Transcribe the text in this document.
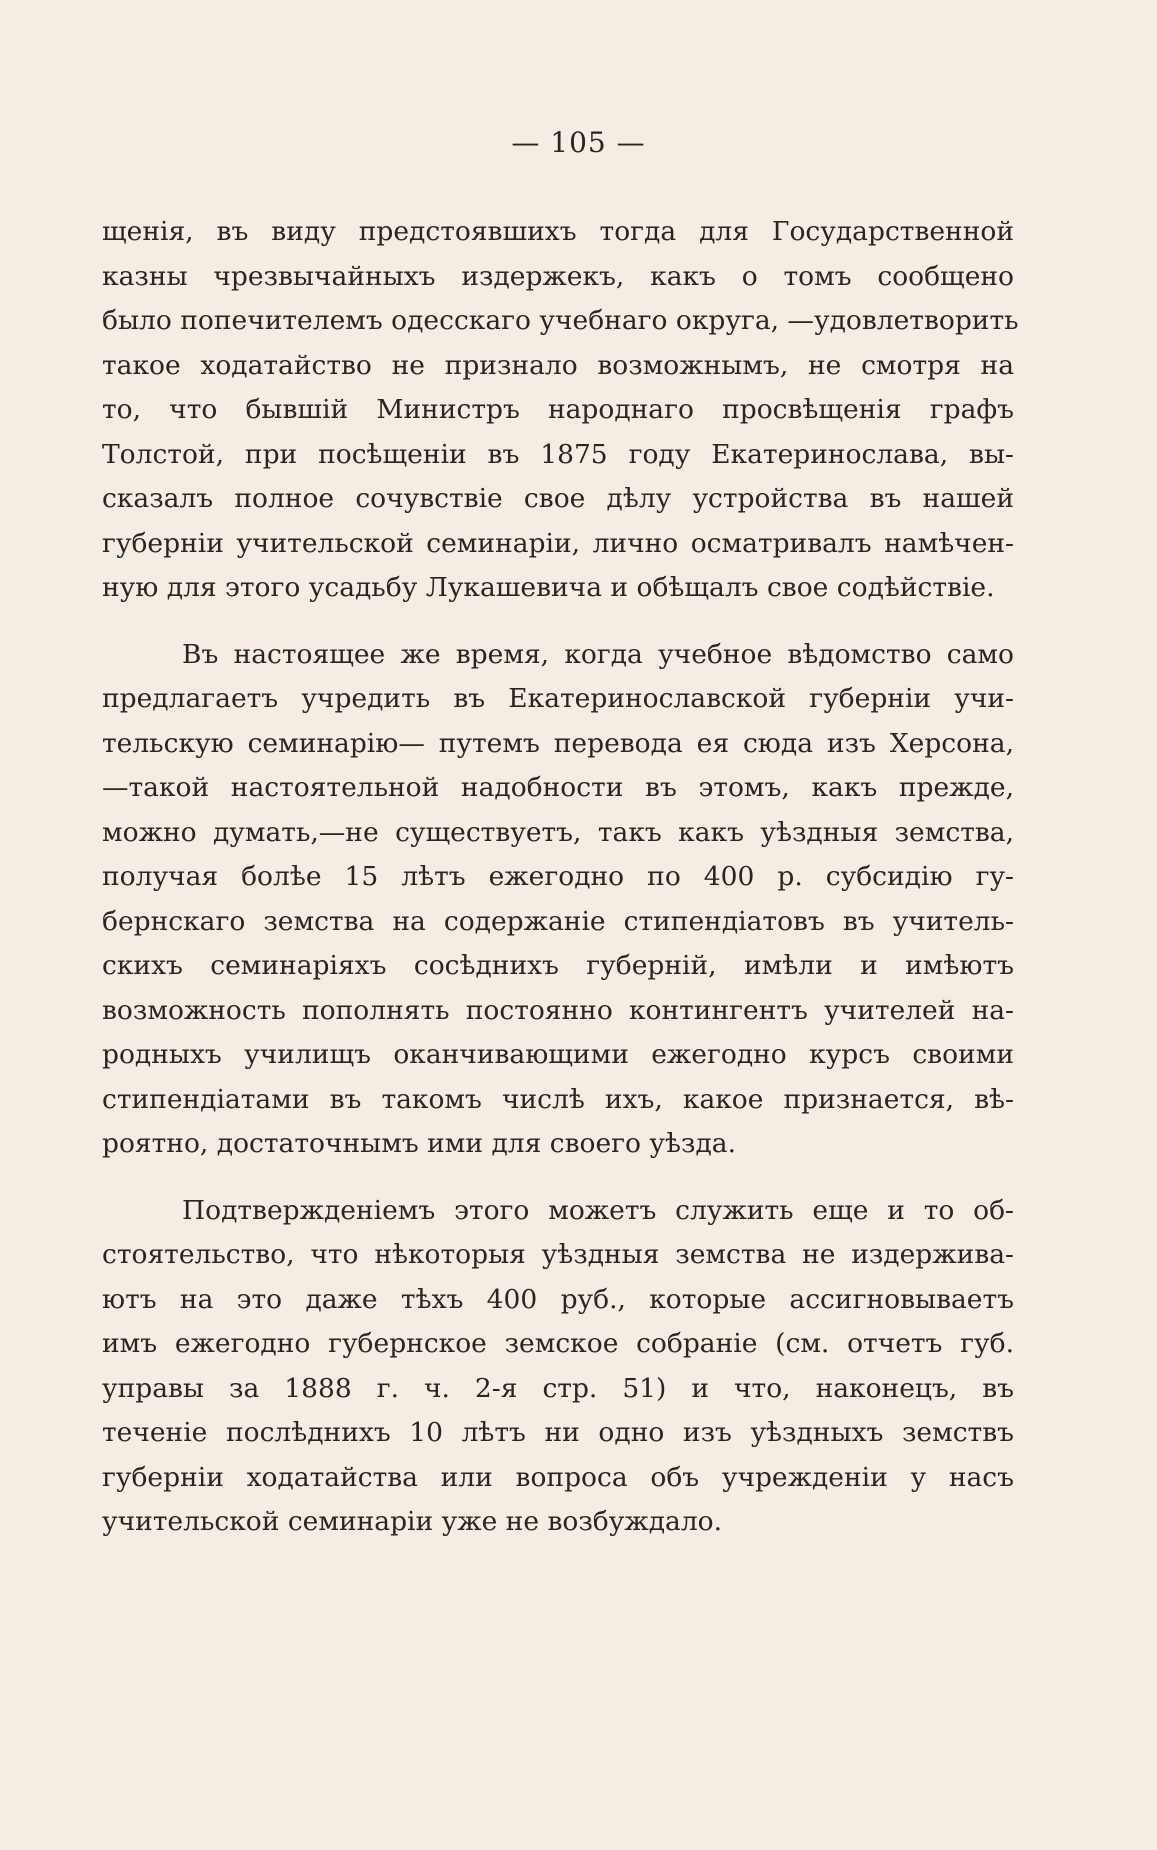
— 105 —

щенія, въ виду предстоявшихъ тогда для Государственной
казны чрезвычайныхъ издержекъ, какъ о томъ сообщено
было попечителемъ одесскаго учебнаго округа, —удовлетворить
такое ходатайство не признало возможнымъ, не смотря на
то, что бывшій Министръ народнаго просвѣщенія графъ
Толстой, при посѣщеніи въ 1875 году Екатеринослава, вы-
сказалъ полное сочувствіе свое дѣлу устройства въ нашей
губерніи учительской семинаріи, лично осматривалъ намѣчен-
ную для этого усадьбу Лукашевича и обѣщалъ свое содѣйствіе.

Въ настоящее же время, когда учебное вѣдомство само
предлагаетъ учредить въ Екатеринославской губерніи учи-
тельскую семинарію— путемъ перевода ея сюда изъ Херсона,
—такой настоятельной надобности въ этомъ, какъ прежде,
можно думать,—не существуетъ, такъ какъ уѣздныя земства,
получая болѣе 15 лѣтъ ежегодно по 400 р. субсидію гу-
бернскаго земства на содержаніе стипендіатовъ въ учитель-
скихъ семинаріяхъ сосѣднихъ губерній, имѣли и имѣютъ
возможность пополнять постоянно контингентъ учителей на-
родныхъ училищъ оканчивающими ежегодно курсъ своими
стипендіатами въ такомъ числѣ ихъ, какое признается, вѣ-
роятно, достаточнымъ ими для своего уѣзда.

Подтвержденіемъ этого можетъ служить еще и то об-
стоятельство, что нѣкоторыя уѣздныя земства не издержива-
ютъ на это даже тѣхъ 400 руб., которые ассигновываетъ
имъ ежегодно губернское земское собраніе (см. отчетъ губ.
управы за 1888 г. ч. 2-я стр. 51) и что, наконецъ, въ
теченіе послѣднихъ 10 лѣтъ ни одно изъ уѣздныхъ земствъ
губерніи ходатайства или вопроса объ учрежденіи у насъ
учительской семинаріи уже не возбуждало.
